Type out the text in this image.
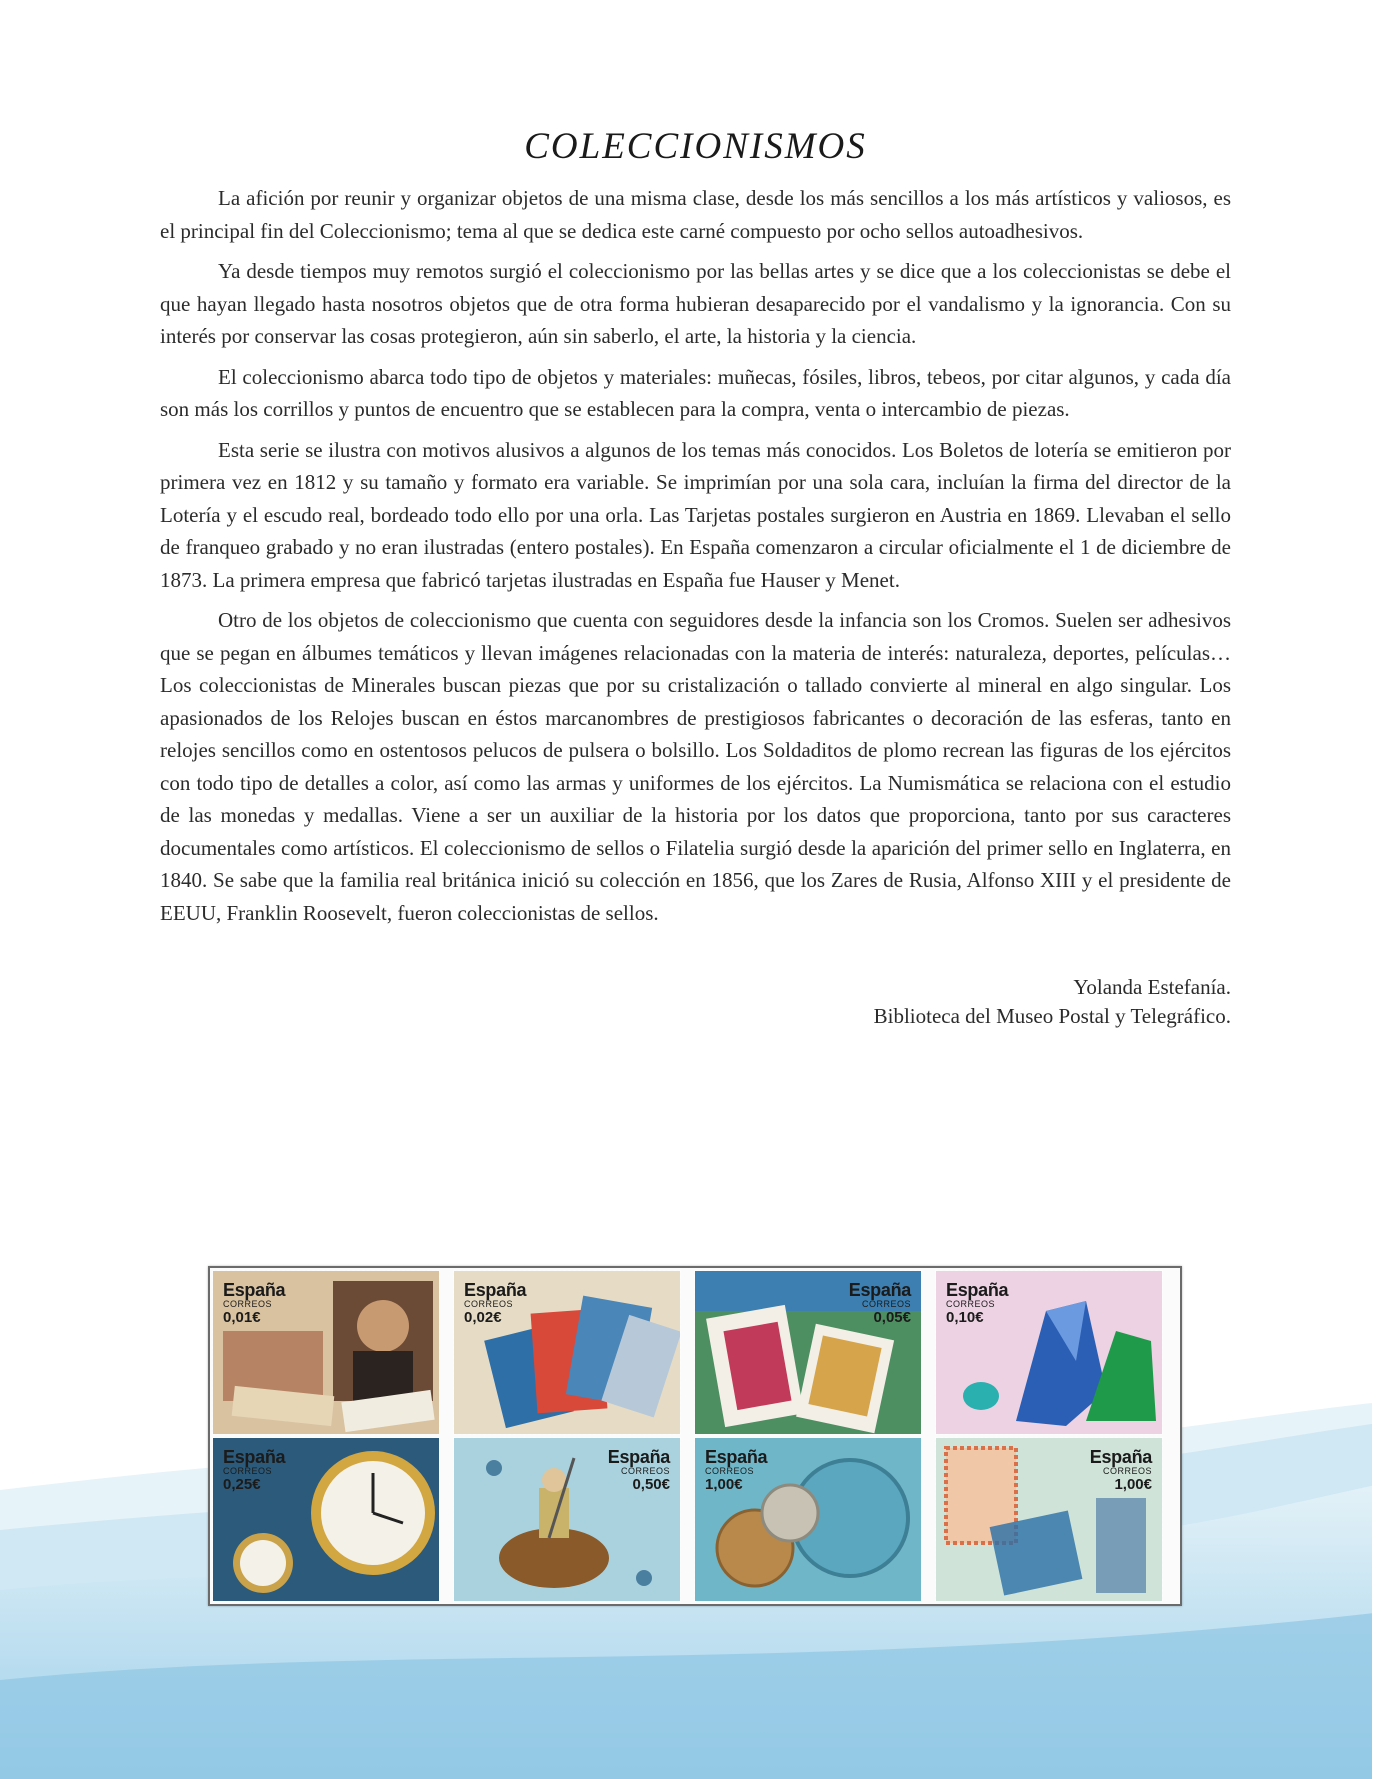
COLECCIONISMOS

La afición por reunir y organizar objetos de una misma clase, desde los más sencillos a los más artísticos y valiosos, es el principal fin del Coleccionismo; tema al que se dedica este carné compuesto por ocho sellos autoadhesivos.

Ya desde tiempos muy remotos surgió el coleccionismo por las bellas artes y se dice que a los coleccionistas se debe el que hayan llegado hasta nosotros objetos que de otra forma hubieran desaparecido por el vandalismo y la ignorancia. Con su interés por conservar las cosas protegieron, aún sin saberlo, el arte, la historia y la ciencia.

El coleccionismo abarca todo tipo de objetos y materiales: muñecas, fósiles, libros, tebeos, por citar algunos, y cada día son más los corrillos y puntos de encuentro que se establecen para la compra, venta o intercambio de piezas.

Esta serie se ilustra con motivos alusivos a algunos de los temas más conocidos. Los Boletos de lotería se emitieron por primera vez en 1812 y su tamaño y formato era variable. Se imprimían por una sola cara, incluían la firma del director de la Lotería y el escudo real, bordeado todo ello por una orla. Las Tarjetas postales surgieron en Austria en 1869. Llevaban el sello de franqueo grabado y no eran ilustradas (entero postales). En España comenzaron a circular oficialmente el 1 de diciembre de 1873. La primera empresa que fabricó tarjetas ilustradas en España fue Hauser y Menet.

Otro de los objetos de coleccionismo que cuenta con seguidores desde la infancia son los Cromos. Suelen ser adhesivos que se pegan en álbumes temáticos y llevan imágenes relacionadas con la materia de interés: naturaleza, deportes, películas… Los coleccionistas de Minerales buscan piezas que por su cristalización o tallado convierte al mineral en algo singular. Los apasionados de los Relojes buscan en éstos marcanombres de prestigiosos fabricantes o decoración de las esferas, tanto en relojes sencillos como en ostentosos pelucos de pulsera o bolsillo. Los Soldaditos de plomo recrean las figuras de los ejércitos con todo tipo de detalles a color, así como las armas y uniformes de los ejércitos. La Numismática se relaciona con el estudio de las monedas y medallas. Viene a ser un auxiliar de la historia por los datos que proporciona, tanto por sus caracteres documentales como artísticos. El coleccionismo de sellos o Filatelia surgió desde la aparición del primer sello en Inglaterra, en 1840. Se sabe que la familia real británica inició su colección en 1856, que los Zares de Rusia, Alfonso XIII y el presidente de EEUU, Franklin Roosevelt, fueron coleccionistas de sellos.

Yolanda Estefanía.
Biblioteca del Museo Postal y Telegráfico.
España
CORREOS
0,01€
España
CORREOS
0,02€
España
CORREOS
0,05€
España
CORREOS
0,10€
España
CORREOS
0,25€
España
CORREOS
0,50€
España
CORREOS
1,00€
España
CORREOS
1,00€
